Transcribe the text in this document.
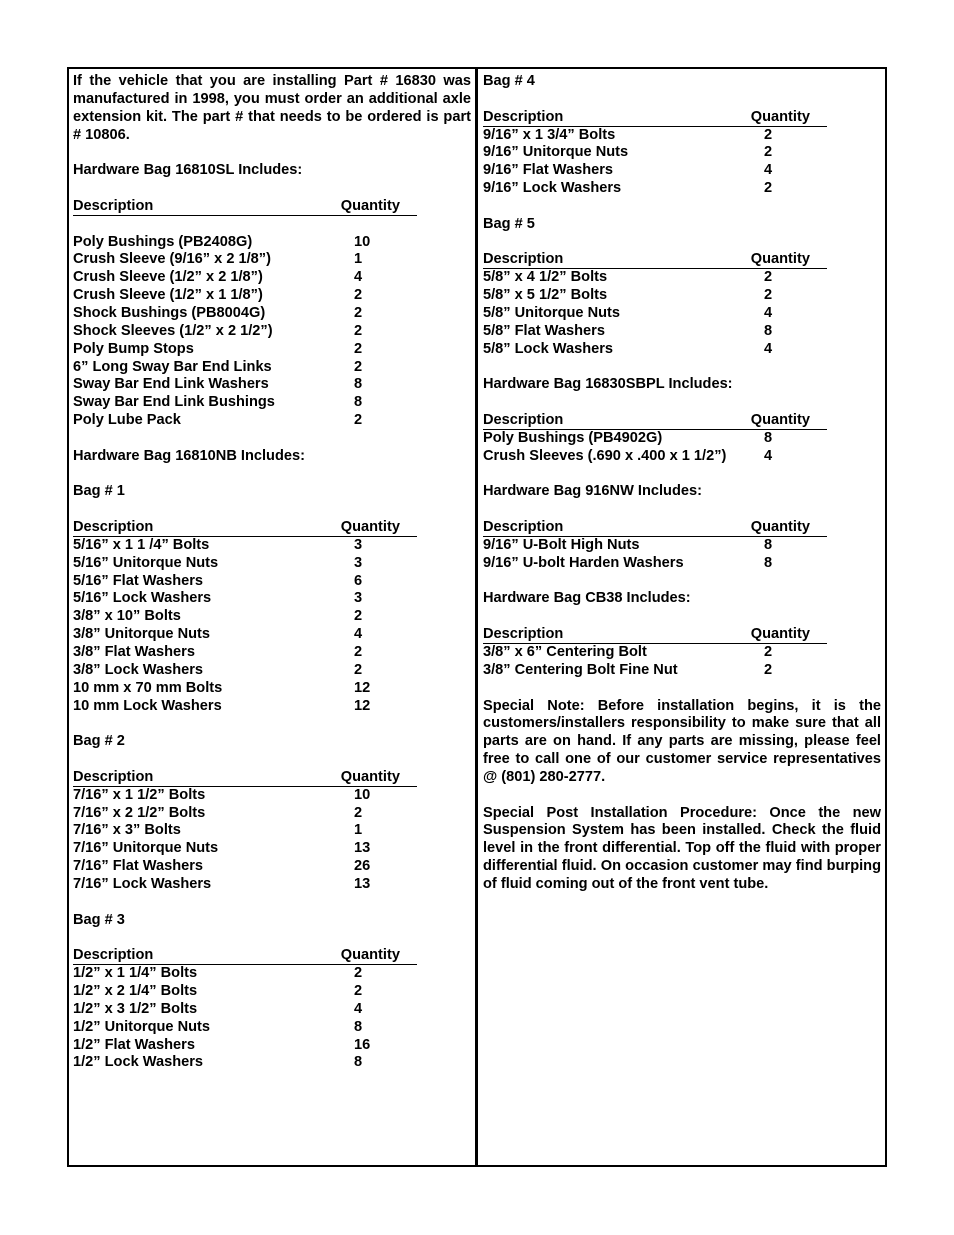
If the vehicle that you are installing Part # 16830 was manufactured in 1998, you must order an additional axle extension kit. The part # that needs to be ordered is part # 10806.

Hardware Bag 16810SL Includes:
Description	Quantity
Poly Bushings (PB2408G)	10
Crush Sleeve (9/16” x 2 1/8”)	1
Crush Sleeve (1/2” x 2 1/8”)	4
Crush Sleeve (1/2” x 1 1/8”)	2
Shock Bushings (PB8004G)	2
Shock Sleeves (1/2” x 2 1/2”)	2
Poly Bump Stops	2
6” Long Sway Bar End Links	2
Sway Bar End Link Washers	8
Sway Bar End Link Bushings	8
Poly Lube Pack	2
Hardware Bag 16810NB Includes:
Bag # 1
Description	Quantity
5/16” x 1 1 /4” Bolts	3
5/16” Unitorque Nuts	3
5/16” Flat Washers	6
5/16” Lock Washers	3
3/8” x 10” Bolts	2
3/8” Unitorque Nuts	4
3/8” Flat Washers	2
3/8” Lock Washers	2
10 mm x 70 mm Bolts	12
10 mm Lock Washers	12
Bag # 2
Description	Quantity
7/16” x 1 1/2” Bolts	10
7/16” x 2 1/2” Bolts	2
7/16” x 3” Bolts	1
7/16” Unitorque Nuts	13
7/16” Flat Washers	26
7/16” Lock Washers	13
Bag # 3
Description	Quantity
1/2” x 1 1/4” Bolts	2
1/2” x 2 1/4” Bolts	2
1/2” x 3 1/2” Bolts	4
1/2” Unitorque Nuts	8
1/2” Flat Washers	16
1/2” Lock Washers	8
Bag # 4
Description	Quantity
9/16” x 1 3/4” Bolts	2
9/16” Unitorque Nuts	2
9/16” Flat Washers	4
9/16” Lock Washers	2
Bag # 5
Description	Quantity
5/8” x 4 1/2” Bolts	2
5/8” x 5 1/2” Bolts	2
5/8” Unitorque Nuts	4
5/8” Flat Washers	8
5/8” Lock Washers	4
Hardware Bag 16830SBPL Includes:
Description	Quantity
Poly Bushings (PB4902G)	8
Crush Sleeves (.690 x .400 x 1 1/2”)	4
Hardware Bag 916NW Includes:
Description	Quantity
9/16” U-Bolt High Nuts	8
9/16” U-bolt Harden Washers	8
Hardware Bag CB38 Includes:
Description	Quantity
3/8” x 6” Centering Bolt	2
3/8” Centering Bolt Fine Nut	2

Special Note: Before installation begins, it is the customers/installers responsibility to make sure that all parts are on hand. If any parts are missing, please feel free to call one of our customer service representatives @ (801) 280-2777.

Special Post Installation Procedure: Once the new Suspension System has been installed. Check the fluid level in the front differential. Top off the fluid with proper differential fluid. On occasion customer may find burping of fluid coming out of the front vent tube.
